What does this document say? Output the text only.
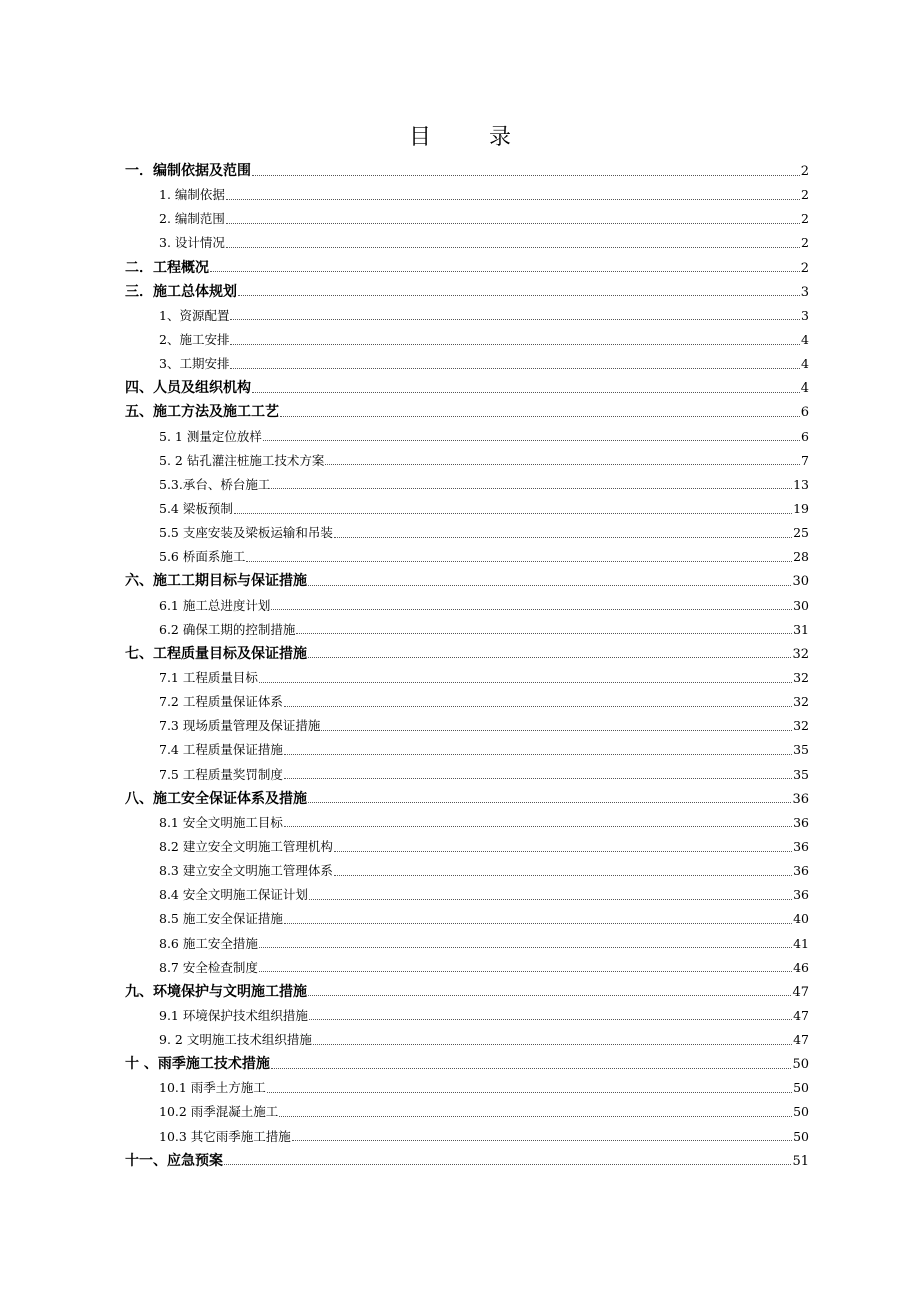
目　录
一．编制依据及范围	2
1. 编制依据	2
2. 编制范围	2
3. 设计情况	2
二．工程概况	2
三．施工总体规划	3
1、资源配置	3
2、施工安排	4
3、工期安排	4
四、人员及组织机构	4
五、施工方法及施工工艺	6
5. 1 测量定位放样	6
5. 2 钻孔灌注桩施工技术方案	7
5.3.承台、桥台施工	13
5.4 梁板预制	19
5.5 支座安装及梁板运输和吊装	25
5.6 桥面系施工	28
六、施工工期目标与保证措施	30
6.1 施工总进度计划	30
6.2 确保工期的控制措施	31
七、工程质量目标及保证措施	32
7.1 工程质量目标	32
7.2 工程质量保证体系	32
7.3 现场质量管理及保证措施	32
7.4 工程质量保证措施	35
7.5 工程质量奖罚制度	35
八、施工安全保证体系及措施	36
8.1 安全文明施工目标	36
8.2 建立安全文明施工管理机构	36
8.3 建立安全文明施工管理体系	36
8.4 安全文明施工保证计划	36
8.5 施工安全保证措施	40
8.6 施工安全措施	41
8.7 安全检查制度	46
九、环境保护与文明施工措施	47
9.1 环境保护技术组织措施	47
9. 2 文明施工技术组织措施	47
十 、雨季施工技术措施	50
10.1 雨季土方施工	50
10.2 雨季混凝土施工	50
10.3 其它雨季施工措施	50
十一、应急预案	51
